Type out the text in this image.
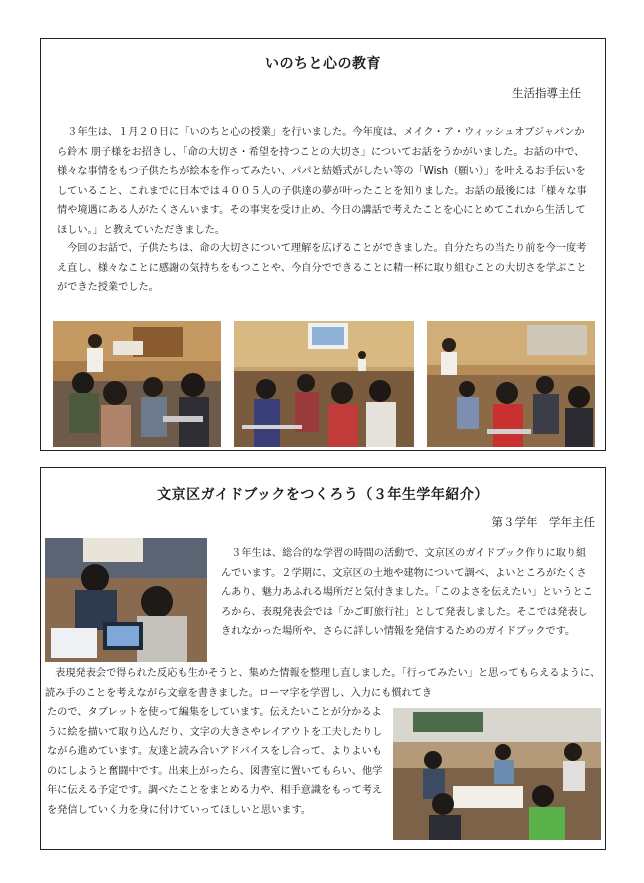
いのちと心の教育
生活指導主任

　３年生は、１月２０日に「いのちと心の授業」を行いました。今年度は、メイク・ア・ウィッシュオブジャパンから鈴木 朋子様をお招きし、「命の大切さ・希望を持つことの大切さ」についてお話をうかがいました。お話の中で、様々な事情をもつ子供たちが絵本を作ってみたい、パパと結婚式がしたい等の「Wish（願い）」を叶えるお手伝いをしていること、これまでに日本では４００５人の子供達の夢が叶ったことを知りました。お話の最後には「様々な事情や境遇にある人がたくさんいます。その事実を受け止め、今日の講話で考えたことを心にとめてこれから生活してほしい。」と教えていただきました。

　今回のお話で、子供たちは、命の大切さについて理解を広げることができました。自分たちの当たり前を今一度考え直し、様々なことに感謝の気持ちをもつことや、今自分でできることに精一杯に取り組むことの大切さを学ぶことができた授業でした。

文京区ガイドブックをつくろう（３年生学年紹介）
第３学年　学年主任

　３年生は、総合的な学習の時間の活動で、文京区のガイドブック作りに取り組んでいます。２学期に、文京区の土地や建物について調べ、よいところがたくさんあり、魅力あふれる場所だと気付きました。「このよさを伝えたい」というところから、表現発表会では「かご町旅行社」として発表しました。そこでは発表しきれなかった場所や、さらに詳しい情報を発信するためのガイドブックです。

　表現発表会で得られた反応も生かそうと、集めた情報を整理し直しました。「行ってみたい」と思ってもらえるように、読み手のことを考えながら文章を書きました。ローマ字を学習し、入力にも慣れてき

たので、タブレットを使って編集をしています。伝えたいことが分かるように絵を描いて取り込んだり、文字の大きさやレイアウトを工夫したりしながら進めています。友達と読み合いアドバイスをし合って、よりよいものにしようと奮闘中です。出来上がったら、図書室に置いてもらい、他学年に伝える予定です。調べたことをまとめる力や、相手意識をもって考えを発信していく力を身に付けていってほしいと思います。
